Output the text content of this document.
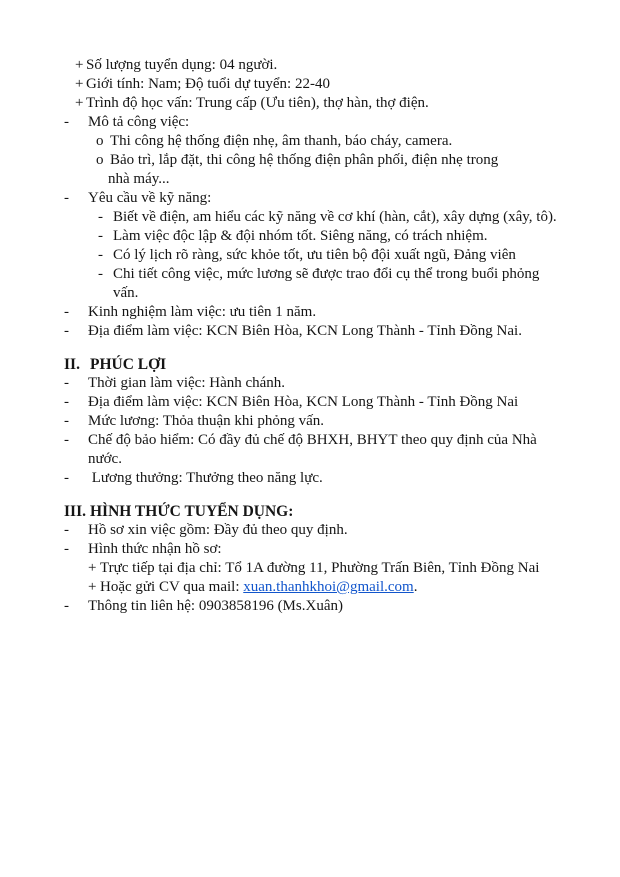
+ Số lượng tuyển dụng: 04 người.
+ Giới tính: Nam; Độ tuổi dự tuyển: 22-40
+ Trình độ học vấn: Trung cấp (Ưu tiên), thợ hàn, thợ điện.
-	Mô tả công việc:
o Thi công hệ thống điện nhẹ, âm thanh, báo cháy, camera.
o Bảo trì, lắp đặt, thi công hệ thống điện phân phối, điện nhẹ trong
nhà máy...
-	Yêu cầu về kỹ năng:
- Biết về điện, am hiểu các kỹ năng về cơ khí (hàn, cắt), xây dựng (xây, tô).
- Làm việc độc lập & đội nhóm tốt. Siêng năng, có trách nhiệm.
- Có lý lịch rõ ràng, sức khỏe tốt, ưu tiên bộ đội xuất ngũ, Đảng viên
- Chi tiết công việc, mức lương sẽ được trao đổi cụ thể trong buổi phỏng
vấn.
-	Kinh nghiệm làm việc: ưu tiên 1 năm.
-	Địa điểm làm việc: KCN Biên Hòa, KCN Long Thành - Tỉnh Đồng Nai.
II. PHÚC LỢI
-	Thời gian làm việc: Hành chánh.
-	Địa điểm làm việc: KCN Biên Hòa, KCN Long Thành - Tỉnh Đồng Nai
-	Mức lương: Thỏa thuận khi phỏng vấn.
-	Chế độ bảo hiểm: Có đầy đủ chế độ BHXH, BHYT theo quy định của Nhà
nước.
-	Lương thưởng: Thưởng theo năng lực.
III. HÌNH THỨC TUYỂN DỤNG:
-	Hồ sơ xin việc gồm: Đầy đủ theo quy định.
-	Hình thức nhận hồ sơ:
+ Trực tiếp tại địa chỉ: Tổ 1A đường 11, Phường Trấn Biên, Tỉnh Đồng Nai
+ Hoặc gửi CV qua mail: xuan.thanhkhoi@gmail.com .
-	Thông tin liên hệ: 0903858196 (Ms.Xuân)
